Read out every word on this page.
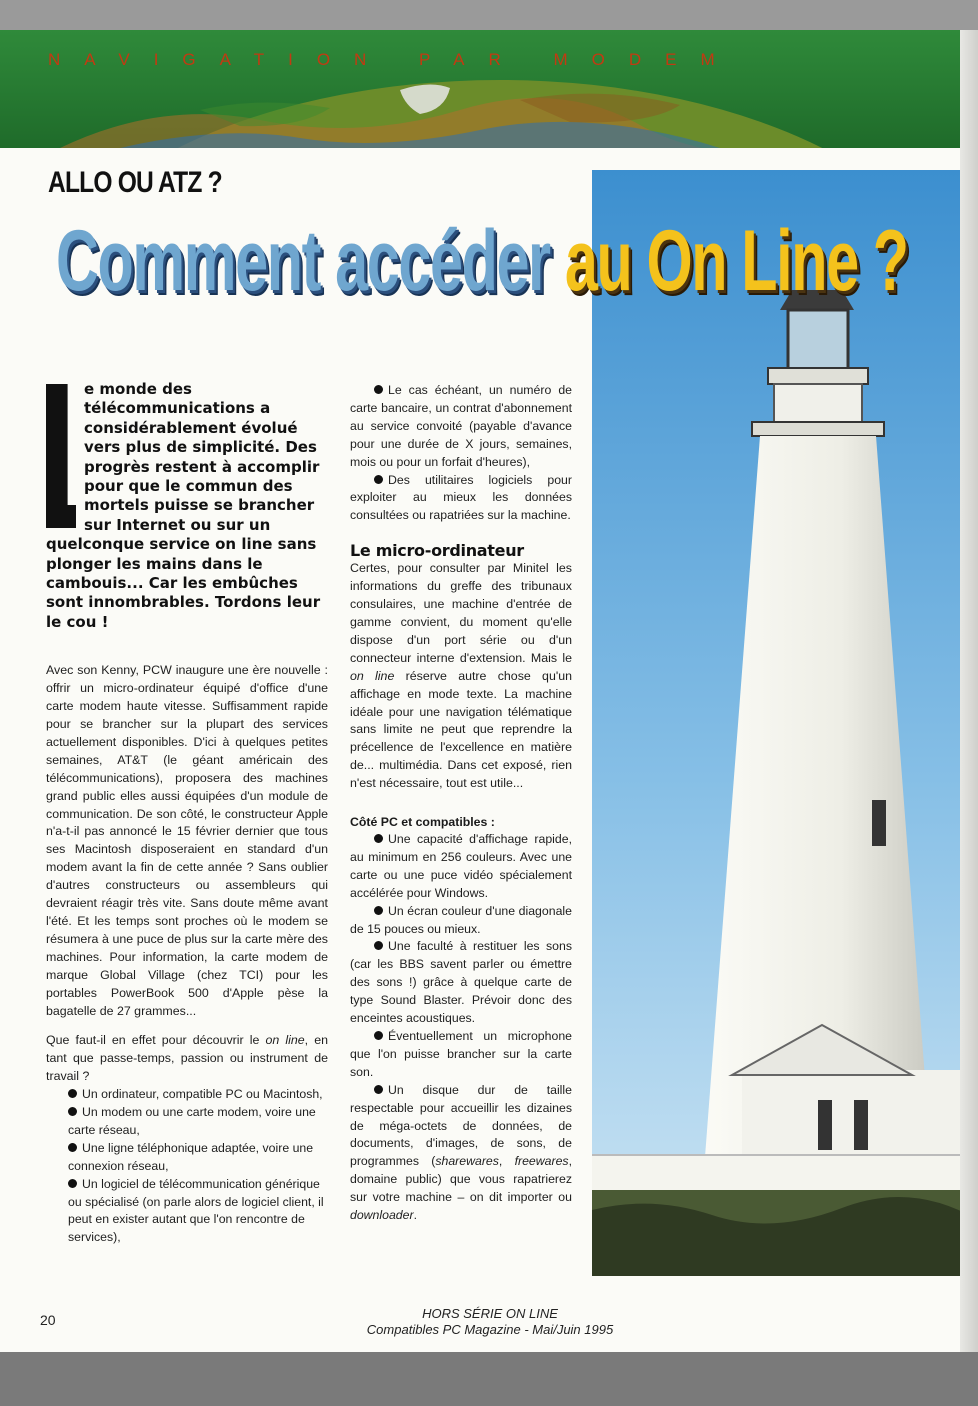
NAVIGATION PAR MODEM
ALLO OU ATZ ?
Comment accéder au On Line ?

e monde des télécommunications a considérablement évolué vers plus de simplicité. Des progrès restent à accomplir pour que le commun des mortels puisse se brancher sur Internet ou sur un quelconque service on line sans plonger les mains dans le cambouis... Car les embûches sont innombrables. Tordons leur le cou !

Avec son Kenny, PCW inaugure une ère nouvelle : offrir un micro-ordinateur équipé d'office d'une carte modem haute vitesse. Suffisamment rapide pour se brancher sur la plupart des services actuellement disponibles. D'ici à quelques petites semaines, AT&T (le géant américain des télécommunications), proposera des machines grand public elles aussi équipées d'un module de communication. De son côté, le constructeur Apple n'a-t-il pas annoncé le 15 février dernier que tous ses Macintosh disposeraient en standard d'un modem avant la fin de cette année ? Sans oublier d'autres constructeurs ou assembleurs qui devraient réagir très vite. Sans doute même avant l'été. Et les temps sont proches où le modem se résumera à une puce de plus sur la carte mère des machines. Pour information, la carte modem de marque Global Village (chez TCI) pour les portables PowerBook 500 d'Apple pèse la bagatelle de 27 grammes...

Que faut-il en effet pour découvrir le on line, en tant que passe-temps, passion ou instrument de travail ?

Un ordinateur, compatible PC ou Macintosh,
Un modem ou une carte modem, voire une carte réseau,
Une ligne téléphonique adaptée, voire une connexion réseau,
Un logiciel de télécommunication générique ou spécialisé (on parle alors de logiciel client, il peut en exister autant que l'on rencontre de services),
Le cas échéant, un numéro de carte bancaire, un contrat d'abonnement au service convoité (payable d'avance pour une durée de X jours, semaines, mois ou pour un forfait d'heures),
Des utilitaires logiciels pour exploiter au mieux les données consultées ou rapatriées sur la machine.
Le micro-ordinateur

Certes, pour consulter par Minitel les informations du greffe des tribunaux consulaires, une machine d'entrée de gamme convient, du moment qu'elle dispose d'un port série ou d'un connecteur interne d'extension. Mais le on line réserve autre chose qu'un affichage en mode texte. La machine idéale pour une navigation télématique sans limite ne peut que reprendre la précellence de l'excellence en matière de... multimédia. Dans cet exposé, rien n'est nécessaire, tout est utile...

Côté PC et compatibles :
Une capacité d'affichage rapide, au minimum en 256 couleurs. Avec une carte ou une puce vidéo spécialement accélérée pour Windows.
Un écran couleur d'une diagonale de 15 pouces ou mieux.
Une faculté à restituer les sons (car les BBS savent parler ou émettre des sons !) grâce à quelque carte de type Sound Blaster. Prévoir donc des enceintes acoustiques.
Éventuellement un microphone que l'on puisse brancher sur la carte son.
Un disque dur de taille respectable pour accueillir les dizaines de méga-octets de données, de documents, d'images, de sons, de programmes (sharewares, freewares, domaine public) que vous rapatrierez sur votre machine – on dit importer ou downloader.
20	HORS SÉRIE ON LINE
Compatibles PC Magazine - Mai/Juin 1995
